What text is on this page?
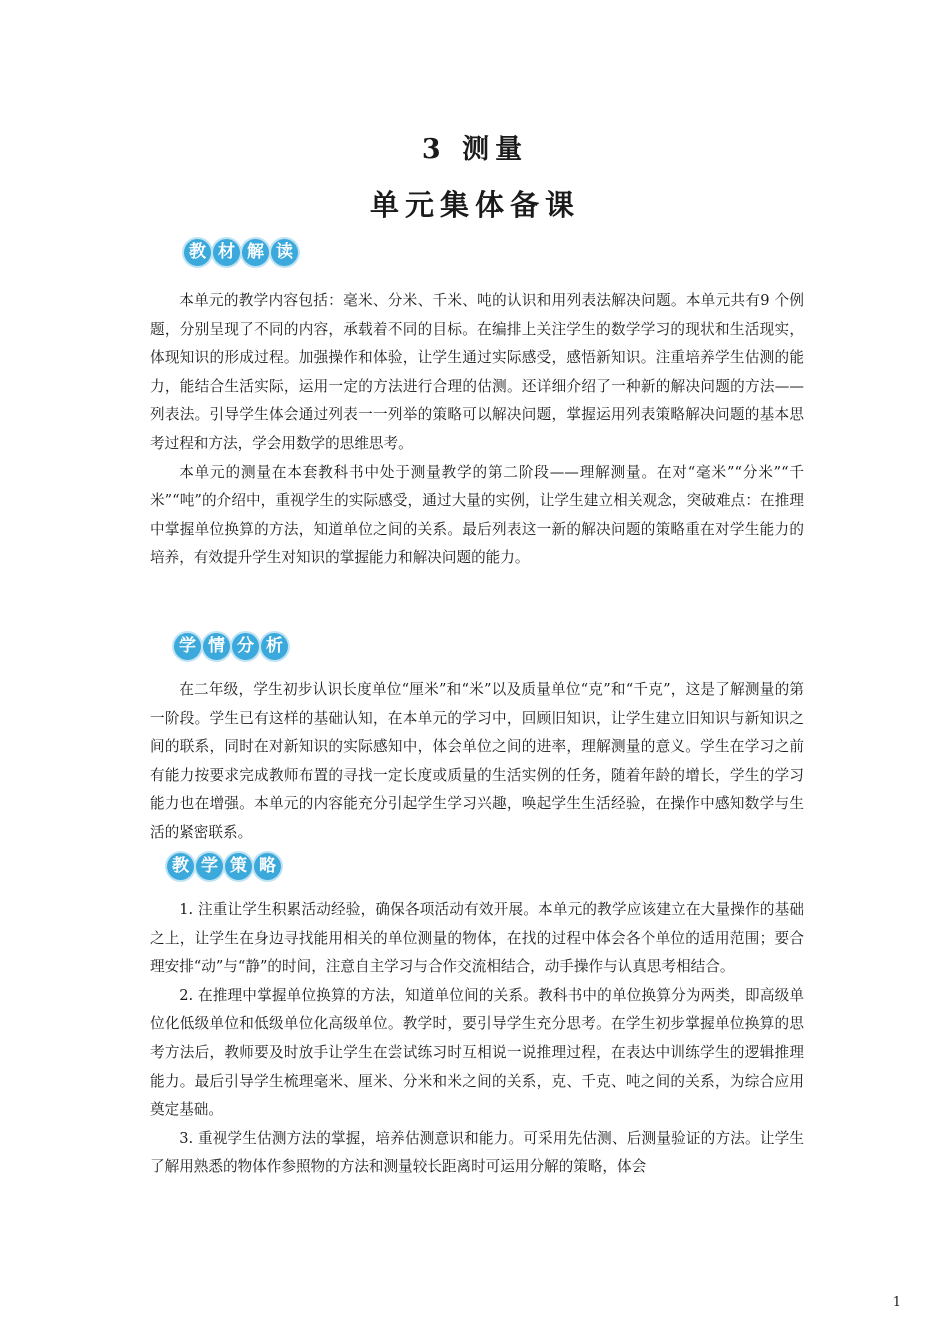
3 测量
单元集体备课
教 材 解 读

本单元的教学内容包括：毫米、分米、千米、吨的认识和用列表法解决问题。本单元共有9 个例题，分别呈现了不同的内容，承载着不同的目标。在编排上关注学生的数学学习的现状和生活现实，体现知识的形成过程。加强操作和体验，让学生通过实际感受，感悟新知识。注重培养学生估测的能力，能结合生活实际，运用一定的方法进行合理的估测。还详细介绍了一种新的解决问题的方法——列表法。引导学生体会通过列表一一列举的策略可以解决问题，掌握运用列表策略解决问题的基本思考过程和方法，学会用数学的思维思考。

本单元的测量在本套教科书中处于测量教学的第二阶段——理解测量。在对“毫米”“分米”“千米”“吨”的介绍中，重视学生的实际感受，通过大量的实例，让学生建立相关观念，突破难点：在推理中掌握单位换算的方法，知道单位之间的关系。最后列表这一新的解决问题的策略重在对学生能力的培养，有效提升学生对知识的掌握能力和解决问题的能力。

学 情 分 析

在二年级，学生初步认识长度单位“厘米”和“米”以及质量单位“克”和“千克”，这是了解测量的第一阶段。学生已有这样的基础认知，在本单元的学习中，回顾旧知识，让学生建立旧知识与新知识之间的联系，同时在对新知识的实际感知中，体会单位之间的进率，理解测量的意义。学生在学习之前有能力按要求完成教师布置的寻找一定长度或质量的生活实例的任务，随着年龄的增长，学生的学习能力也在增强。本单元的内容能充分引起学生学习兴趣，唤起学生生活经验，在操作中感知数学与生活的紧密联系。

教 学 策 略

1. 注重让学生积累活动经验，确保各项活动有效开展。本单元的教学应该建立在大量操作的基础之上，让学生在身边寻找能用相关的单位测量的物体，在找的过程中体会各个单位的适用范围；要合理安排“动”与“静”的时间，注意自主学习与合作交流相结合，动手操作与认真思考相结合。

2. 在推理中掌握单位换算的方法，知道单位间的关系。教科书中的单位换算分为两类，即高级单位化低级单位和低级单位化高级单位。教学时，要引导学生充分思考。在学生初步掌握单位换算的思考方法后，教师要及时放手让学生在尝试练习时互相说一说推理过程，在表达中训练学生的逻辑推理能力。最后引导学生梳理毫米、厘米、分米和米之间的关系，克、千克、吨之间的关系，为综合应用奠定基础。

3. 重视学生估测方法的掌握，培养估测意识和能力。可采用先估测、后测量验证的方法。让学生了解用熟悉的物体作参照物的方法和测量较长距离时可运用分解的策略，体会

1
